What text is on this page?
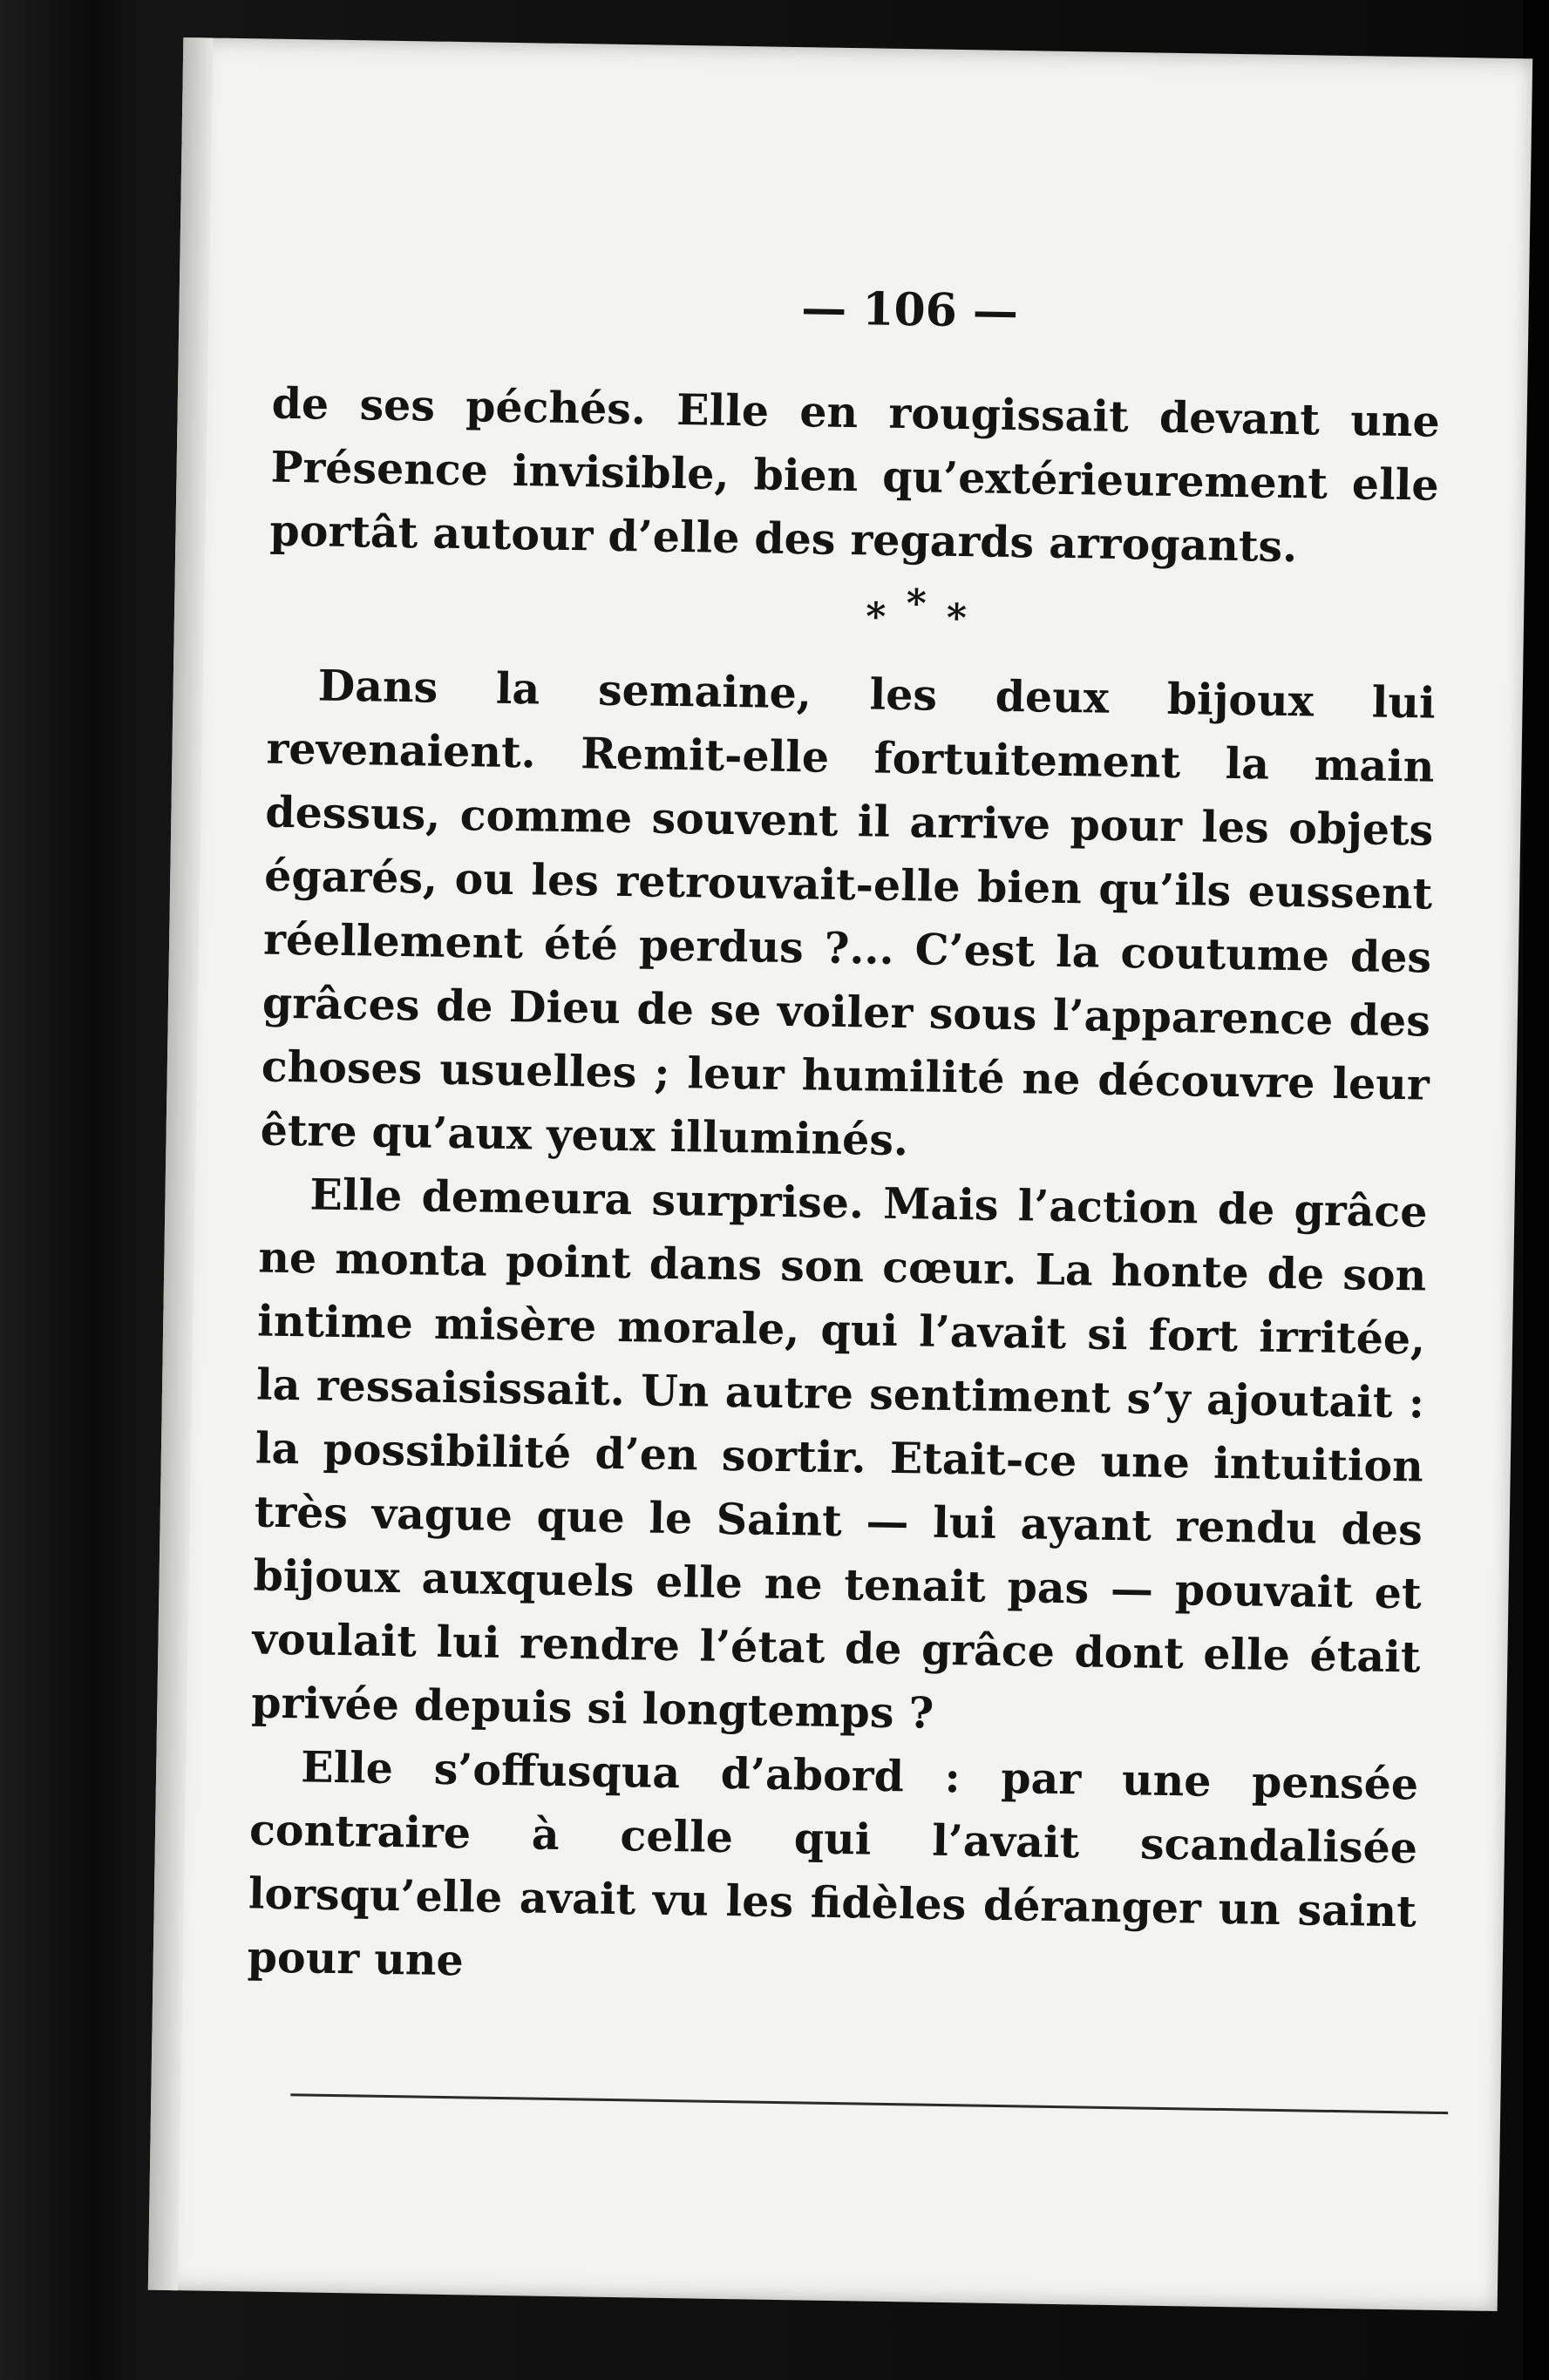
— 106 —

de ses péchés. Elle en rougissait devant une Présence invisible, bien qu’extérieurement elle portât autour d’elle des regards arrogants.

* * *

Dans la semaine, les deux bijoux lui revenaient. Remit-elle fortuitement la main dessus, comme souvent il arrive pour les objets égarés, ou les retrouvait-elle bien qu’ils eussent réellement été perdus ?... C’est la coutume des grâces de Dieu de se voiler sous l’apparence des choses usuelles ; leur humilité ne découvre leur être qu’aux yeux illuminés.

Elle demeura surprise. Mais l’action de grâce ne monta point dans son cœur. La honte de son intime misère morale, qui l’avait si fort irritée, la ressaisissait. Un autre sentiment s’y ajoutait : la possibilité d’en sortir. Etait-ce une intuition très vague que le Saint — lui ayant rendu des bijoux auxquels elle ne tenait pas — pouvait et voulait lui rendre l’état de grâce dont elle était privée depuis si longtemps ?

Elle s’offusqua d’abord : par une pensée contraire à celle qui l’avait scandalisée lorsqu’elle avait vu les fidèles déranger un saint pour une
